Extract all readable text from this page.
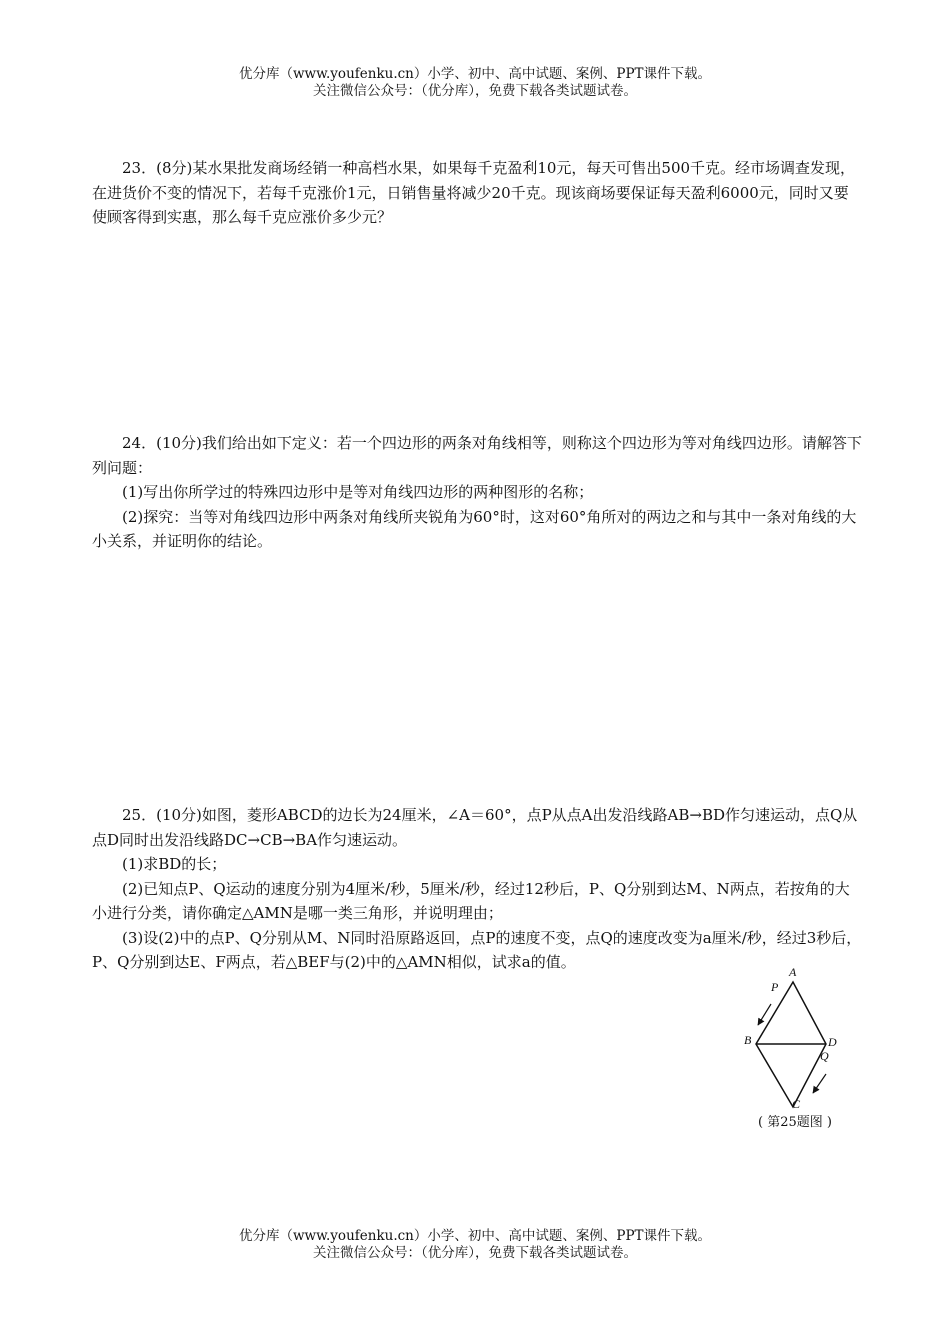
优分库（www.youfenku.cn）小学、初中、高中试题、案例、PPT课件下载。
关注微信公众号：（优分库），免费下载各类试题试卷。

23．(8分)某水果批发商场经销一种高档水果，如果每千克盈利10元，每天可售出500千克。经市场调查发现，在进货价不变的情况下，若每千克涨价1元，日销售量将减少20千克。现该商场要保证每天盈利6000元，同时又要使顾客得到实惠，那么每千克应涨价多少元？

24．(10分)我们给出如下定义：若一个四边形的两条对角线相等，则称这个四边形为等对角线四边形。请解答下列问题：

(1)写出你所学过的特殊四边形中是等对角线四边形的两种图形的名称；

(2)探究：当等对角线四边形中两条对角线所夹锐角为60°时，这对60°角所对的两边之和与其中一条对角线的大小关系，并证明你的结论。

25．(10分)如图，菱形ABCD的边长为24厘米，∠A＝60°，点P从点A出发沿线路AB→BD作匀速运动，点Q从点D同时出发沿线路DC→CB→BA作匀速运动。

(1)求BD的长；

(2)已知点P、Q运动的速度分别为4厘米/秒，5厘米/秒，经过12秒后，P、Q分别到达M、N两点，若按角的大小进行分类，请你确定△AMN是哪一类三角形，并说明理由；

(3)设(2)中的点P、Q分别从M、N同时沿原路返回，点P的速度不变，点Q的速度改变为a厘米/秒，经过3秒后，P、Q分别到达E、F两点，若△BEF与(2)中的△AMN相似，试求a的值。

A
P
B	D
Q
C
( 第25题图 )
优分库（www.youfenku.cn）小学、初中、高中试题、案例、PPT课件下载。
关注微信公众号：（优分库），免费下载各类试题试卷。
